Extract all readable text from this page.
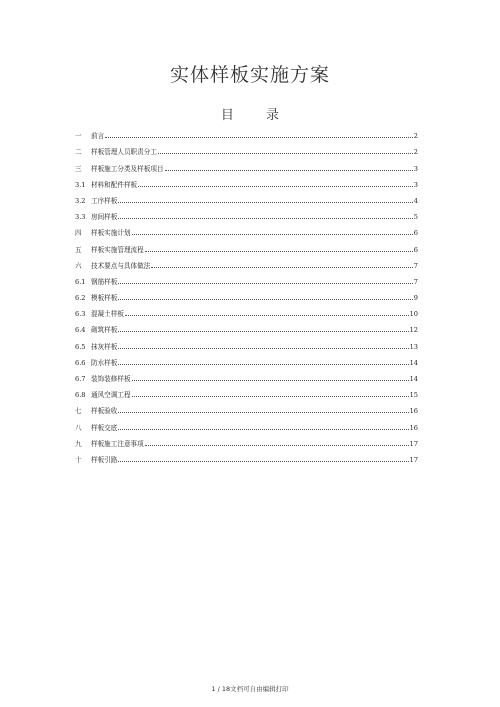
实体样板实施方案
目 录
一	前言	2
二	样板管理人员职责分工	2
三	样板施工分类及样板项目	3
3.1 材料和配件样板	3
3.2 工序样板	4
3.3 房间样板	5
四	样板实施计划	6
五	样板实施管理流程	6
六	技术要点与具体做法	7
6.1 钢筋样板	7
6.2 模板样板	9
6.3 混凝土样板	10
6.4 砌筑样板	12
6.5 抹灰样板	13
6.6 防水样板	14
6.7 装饰装修样板	14
6.8 通风空调工程	15
七	样板验收	16
八	样板交底	16
九	样板施工注意事项	17
十	样板引路	17
1 / 18文档可自由编辑打印
